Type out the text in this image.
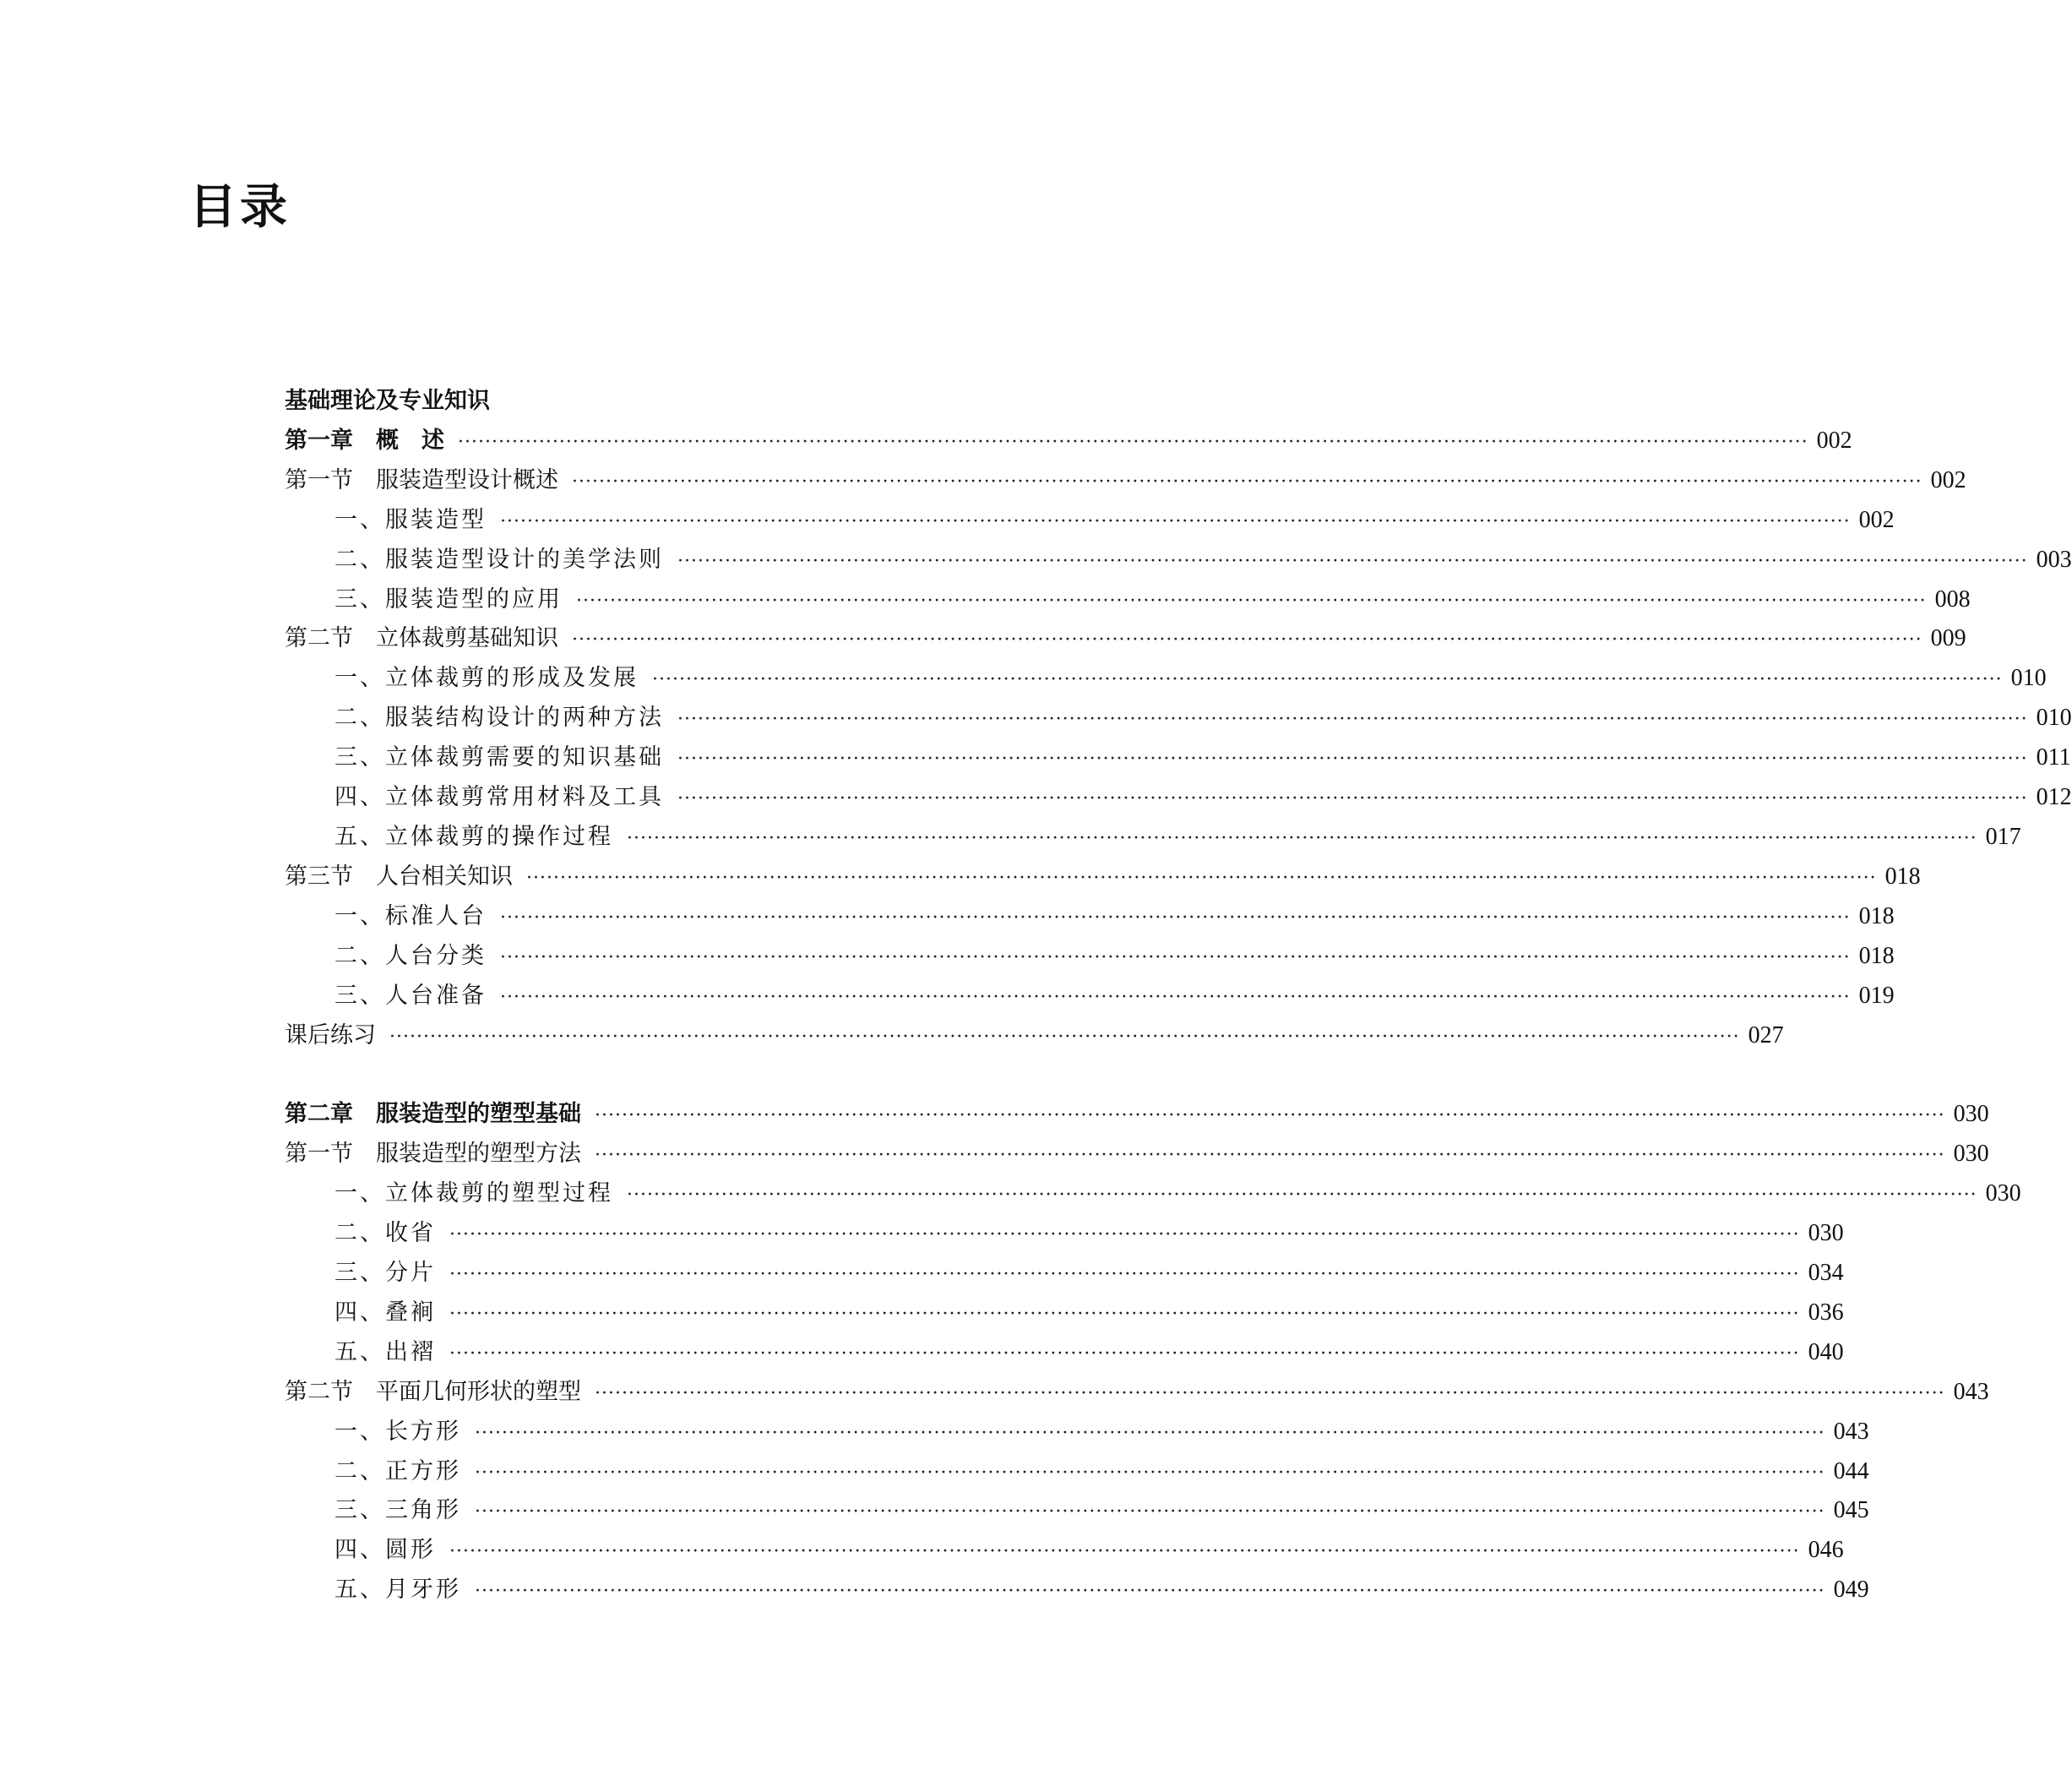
目录
基础理论及专业知识
第一章　概　述 ········································································································································································································ 002
第一节　服装造型设计概述 ········································································································································································································ 002
一、服装造型 ········································································································································································································ 002
二、服装造型设计的美学法则 ········································································································································································································ 003
三、服装造型的应用 ········································································································································································································ 008
第二节　立体裁剪基础知识 ········································································································································································································ 009
一、立体裁剪的形成及发展 ········································································································································································································ 010
二、服装结构设计的两种方法 ········································································································································································································ 010
三、立体裁剪需要的知识基础 ········································································································································································································ 011
四、立体裁剪常用材料及工具 ········································································································································································································ 012
五、立体裁剪的操作过程 ········································································································································································································ 017
第三节　人台相关知识 ········································································································································································································ 018
一、标准人台 ········································································································································································································ 018
二、人台分类 ········································································································································································································ 018
三、人台准备 ········································································································································································································ 019
课后练习 ········································································································································································································ 027
第二章　服装造型的塑型基础 ········································································································································································································ 030
第一节　服装造型的塑型方法 ········································································································································································································ 030
一、立体裁剪的塑型过程 ········································································································································································································ 030
二、收省 ········································································································································································································ 030
三、分片 ········································································································································································································ 034
四、叠裥 ········································································································································································································ 036
五、出褶 ········································································································································································································ 040
第二节　平面几何形状的塑型 ········································································································································································································ 043
一、长方形 ········································································································································································································ 043
二、正方形 ········································································································································································································ 044
三、三角形 ········································································································································································································ 045
四、圆形 ········································································································································································································ 046
五、月牙形 ········································································································································································································ 049
